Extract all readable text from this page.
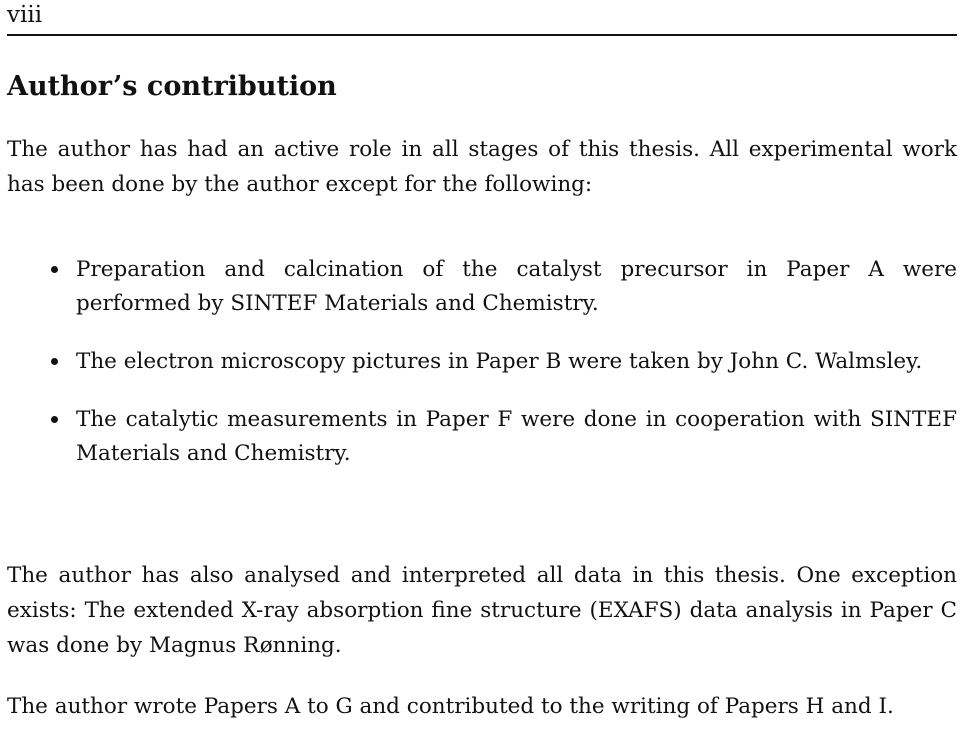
viii
Author’s contribution

The author has had an active role in all stages of this thesis. All experimental work has been done by the author except for the following:

Preparation and calcination of the catalyst precursor in Paper A were performed by SINTEF Materials and Chemistry.
The electron microscopy pictures in Paper B were taken by John C. Walmsley.
The catalytic measurements in Paper F were done in cooperation with SINTEF Materials and Chemistry.

The author has also analysed and interpreted all data in this thesis. One exception exists: The extended X-ray absorption fine structure (EXAFS) data analysis in Paper C was done by Magnus Rønning.

The author wrote Papers A to G and contributed to the writing of Papers H and I.
